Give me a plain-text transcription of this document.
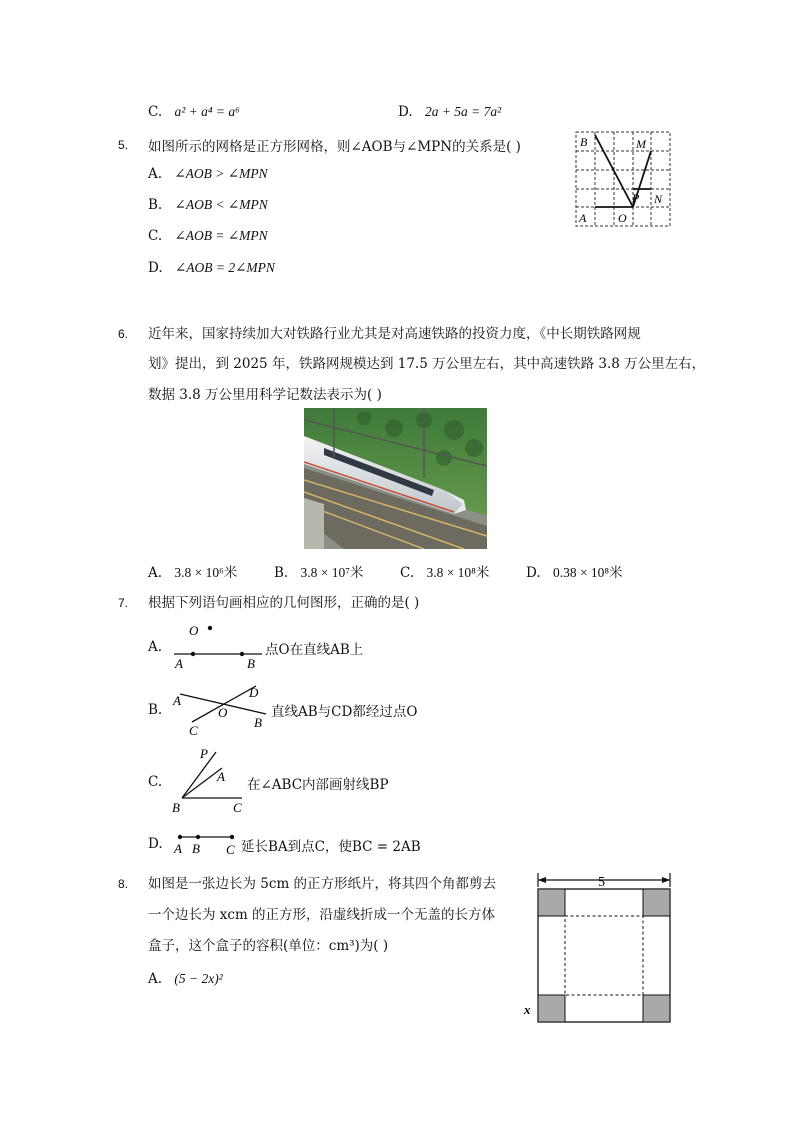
C. a² + a⁴ = a⁶	D. 2a + 5a = 7a²
5. 如图所示的网格是正方形网格，则∠AOB与∠MPN的关系是( )
A. ∠AOB > ∠MPN
B. ∠AOB < ∠MPN
C. ∠AOB = ∠MPN
D. ∠AOB = 2∠MPN
B	M
P N
A	O
6. 近年来，国家持续加大对铁路行业尤其是对高速铁路的投资力度，《中长期铁路网规
划》提出，到 2025 年，铁路网规模达到 17.5 万公里左右，其中高速铁路 3.8 万公里左右，
数据 3.8 万公里用科学记数法表示为( )
A. 3.8 × 10⁶米	B. 3.8 × 10⁷米	C. 3.8 × 10⁸米	D. 0.38 × 10⁸米
7. 根据下列语句画相应的几何图形，正确的是( )
A.
O
A	B
点O在直线AB上
B.
A
D
O
C
B
直线AB与CD都经过点O
C.
P
A
B	C
在∠ABC内部画射线BP
D. A B C 延长BA到点C，使BC = 2AB
8. 如图是一张边长为 5cm 的正方形纸片，将其四个角都剪去
一个边长为 xcm 的正方形，沿虚线折成一个无盖的长方体
盒子，这个盒子的容积(单位：cm³)为( )
A. (5 − 2x)²
5
x
